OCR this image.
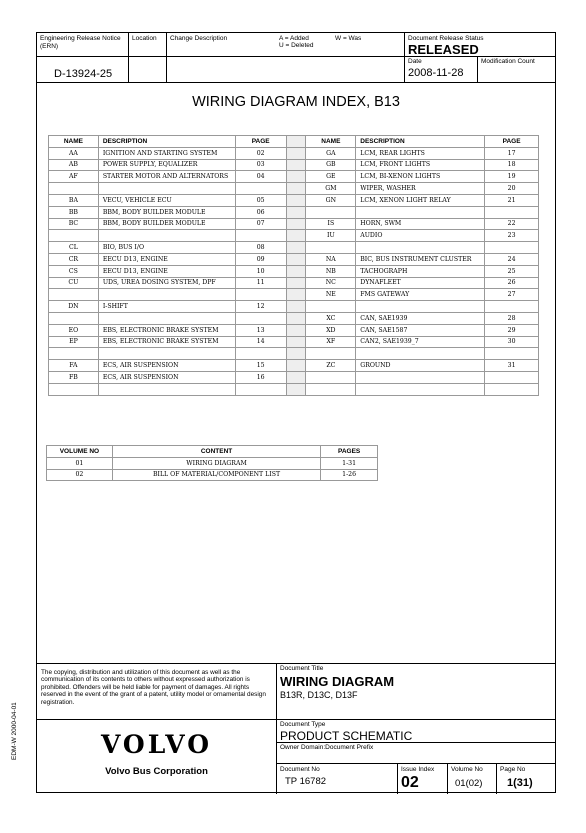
EDM-W 2000-04-01
Engineering Release Notice (ERN)
Location Change Description	A = Added
U = Deleted
W = Was	Document Release Status
RELEASED
Date
2008-11-28
Modification Count
D-13924-25
WIRING DIAGRAM INDEX, B13
NAME	DESCRIPTION	PAGE		NAME	DESCRIPTION	PAGE
AA	IGNITION AND STARTING SYSTEM	02		GA	LCM, REAR LIGHTS	17
AB	POWER SUPPLY, EQUALIZER	03		GB	LCM, FRONT LIGHTS	18
AF	STARTER MOTOR AND ALTERNATORS	04		GE	LCM, BI-XENON LIGHTS	19
				GM	WIPER, WASHER	20
BA	VECU, VEHICLE ECU	05		GN	LCM, XENON LIGHT RELAY	21
BB	BBM, BODY BUILDER MODULE	06				
BC	BBM, BODY BUILDER MODULE	07		IS	HORN, SWM	22
				IU	AUDIO	23
CL	BIO, BUS I/O	08				
CR	EECU D13, ENGINE	09		NA	BIC, BUS INSTRUMENT CLUSTER	24
CS	EECU D13, ENGINE	10		NB	TACHOGRAPH	25
CU	UDS, UREA DOSING SYSTEM, DPF	11		NC	DYNAFLEET	26
				NE	FMS GATEWAY	27
DN	I-SHIFT	12				
				XC	CAN, SAE1939	28
EO	EBS, ELECTRONIC BRAKE SYSTEM	13		XD	CAN, SAE1587	29
EP	EBS, ELECTRONIC BRAKE SYSTEM	14		XF	CAN2, SAE1939_7	30

FA	ECS, AIR SUSPENSION	15		ZC	GROUND	31
FB	ECS, AIR SUSPENSION	16				

VOLUME NO	CONTENT	PAGES
01	WIRING DIAGRAM	1-31
02	BILL OF MATERIAL/COMPONENT LIST	1-26
The copying, distribution and utilization of this document as well as the communication of its contents to others without expressed authorization is prohibited. Offenders will be held liable for payment of damages. All rights reserved in the event of the grant of a patent, utility model or ornamental design registration.
VOLVO
Volvo Bus Corporation
Document Title
WIRING DIAGRAM
B13R, D13C, D13F
Document Type
PRODUCT SCHEMATIC
Owner Domain:Document Prefix
Document No
TP 16782
Issue Index
02
Volume No
01(02)
Page No
1(31)
